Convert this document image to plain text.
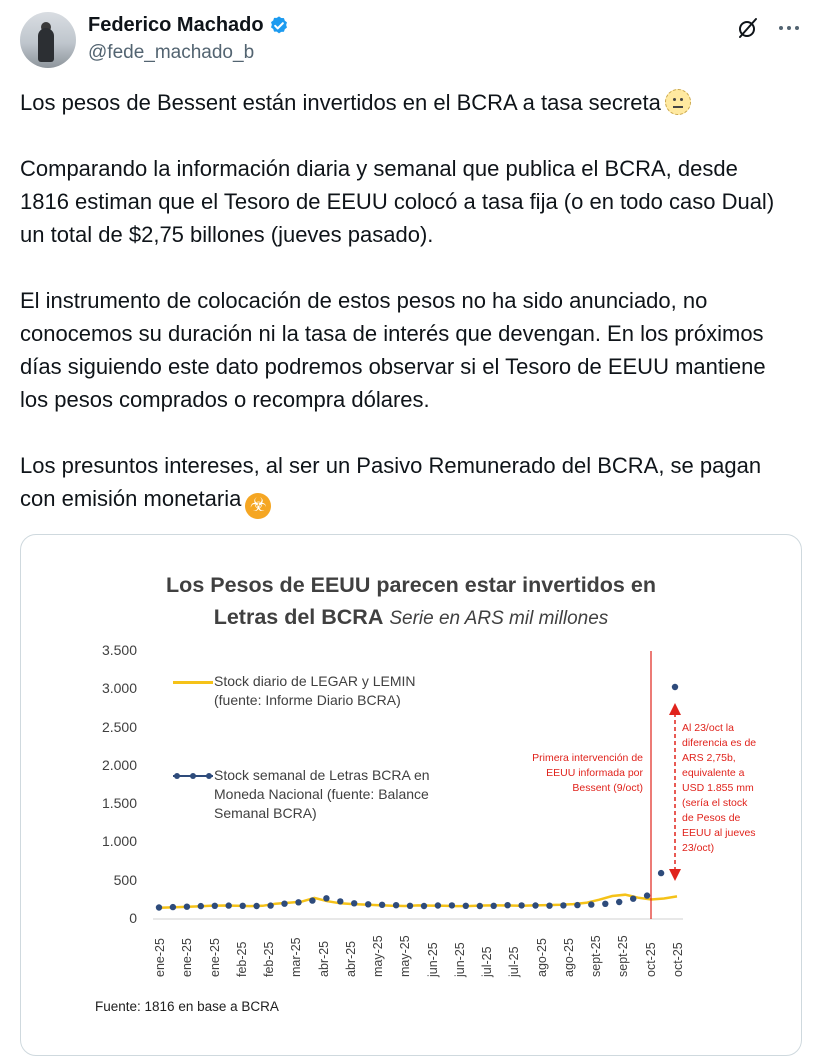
Federico Machado
@fede_machado_b
Los pesos de Bessent están invertidos en el BCRA a tasa secreta

Comparando la información diaria y semanal que publica el BCRA, desde 1816 estiman que el Tesoro de EEUU colocó a tasa fija (o en todo caso Dual) un total de $2,75 billones (jueves pasado).

El instrumento de colocación de estos pesos no ha sido anunciado, no conocemos su duración ni la tasa de interés que devengan. En los próximos días siguiendo este dato podremos observar si el Tesoro de EEUU mantiene los pesos comprados o recompra dólares.

Los presuntos intereses, al ser un Pasivo Remunerado del BCRA, se pagan con emisión monetaria ☣
Los Pesos de EEUU parecen estar invertidos en
Letras del BCRA Serie en ARS mil millones
3.500
3.000
2.500
2.000
1.500
1.000
500
0
ene-25 ene-25 ene-25 feb-25 feb-25 mar-25 abr-25 abr-25 may-25 may-25 jun-25 jun-25 jul-25 jul-25 ago-25 ago-25 sept-25 sept-25 oct-25 oct-25
Stock diario de LEGAR y LEMIN
(fuente: Informe Diario BCRA)
Stock semanal de Letras BCRA en
Moneda Nacional (fuente: Balance
Semanal BCRA)
Primera intervención de
EEUU informada por
Bessent (9/oct)
Al 23/oct la
diferencia es de
ARS 2,75b,
equivalente a
USD 1.855 mm
(sería el stock
de Pesos de
EEUU al jueves
23/oct)
Fuente: 1816 en base a BCRA
